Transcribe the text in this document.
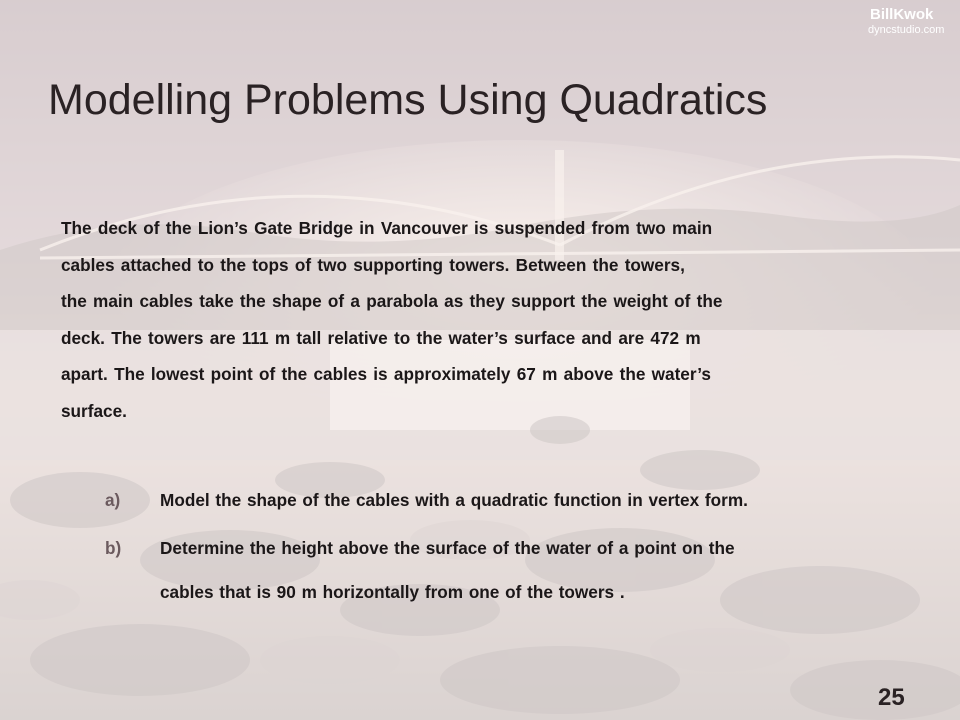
BillKwok
dyncstudio.com
Modelling Problems Using Quadratics
The deck of the Lion’s Gate Bridge in Vancouver is suspended from two main
cables attached to the tops of two supporting towers. Between the towers,
the main cables take the shape of a parabola as they support the weight of the
deck. The towers are 111 m tall relative to the water’s surface and are 472 m
apart. The lowest point of the cables is approximately 67 m above the water’s
surface.
a) Model the shape of the cables with a quadratic function in vertex form.
b) Determine the height above the surface of the water of a point on the
cables that is 90 m horizontally from one of the towers .
25
